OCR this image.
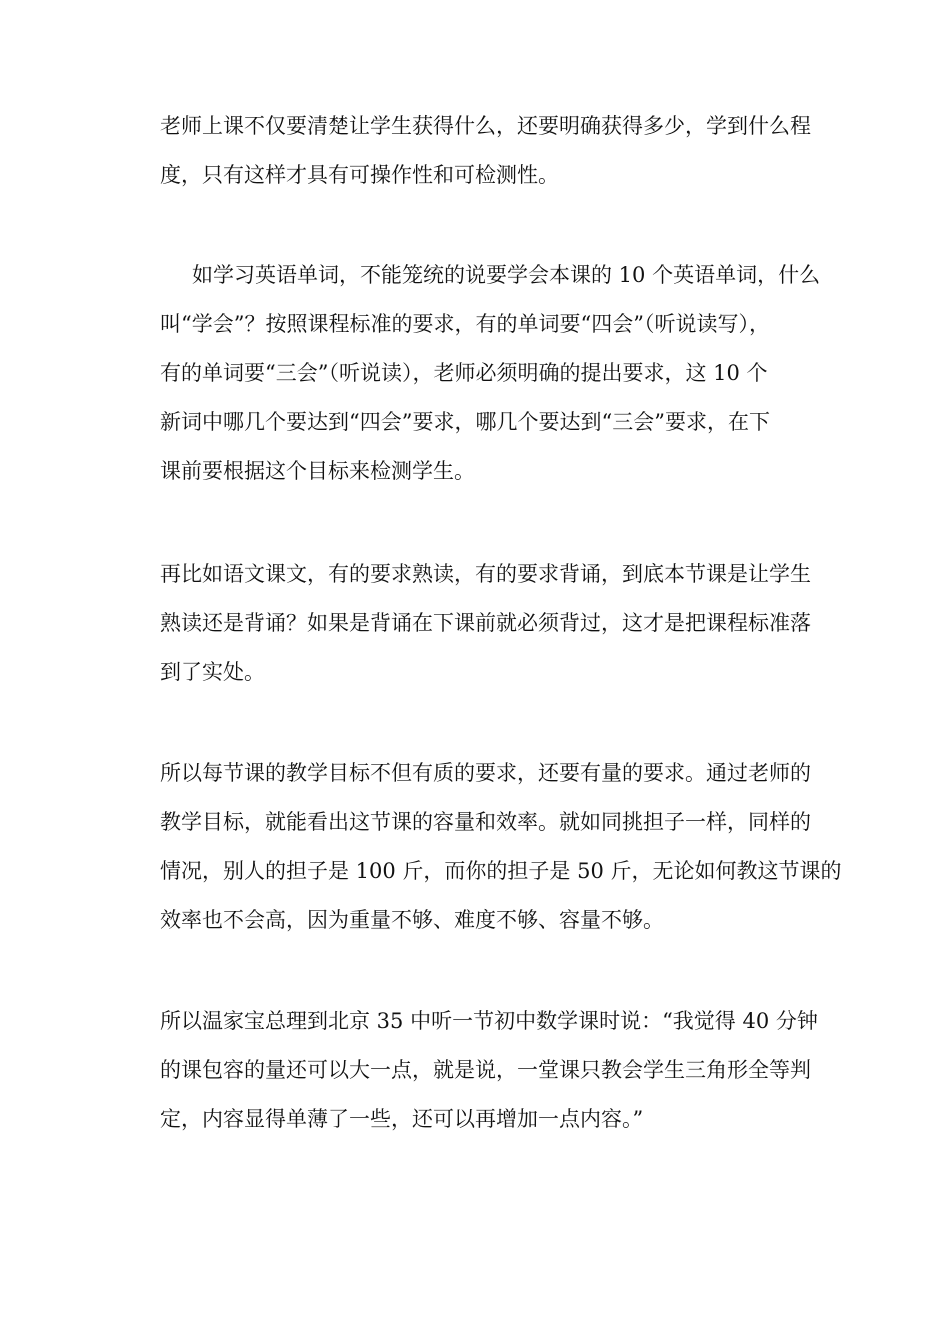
老师上课不仅要清楚让学生获得什么，还要明确获得多少，学到什么程
度，只有这样才具有可操作性和可检测性。

如学习英语单词，不能笼统的说要学会本课的 10 个英语单词，什么
叫“学会”？按照课程标准的要求，有的单词要“四会”（听说读写），
有的单词要“三会”（听说读），老师必须明确的提出要求，这 10 个
新词中哪几个要达到“四会”要求，哪几个要达到“三会”要求，在下
课前要根据这个目标来检测学生。

再比如语文课文，有的要求熟读，有的要求背诵，到底本节课是让学生
熟读还是背诵？如果是背诵在下课前就必须背过，这才是把课程标准落
到了实处。

所以每节课的教学目标不但有质的要求，还要有量的要求。通过老师的
教学目标，就能看出这节课的容量和效率。就如同挑担子一样，同样的
情况，别人的担子是 100 斤，而你的担子是 50 斤，无论如何教这节课的
效率也不会高，因为重量不够、难度不够、容量不够。

所以温家宝总理到北京 35 中听一节初中数学课时说：“我觉得 40 分钟
的课包容的量还可以大一点，就是说，一堂课只教会学生三角形全等判
定，内容显得单薄了一些，还可以再增加一点内容。”
